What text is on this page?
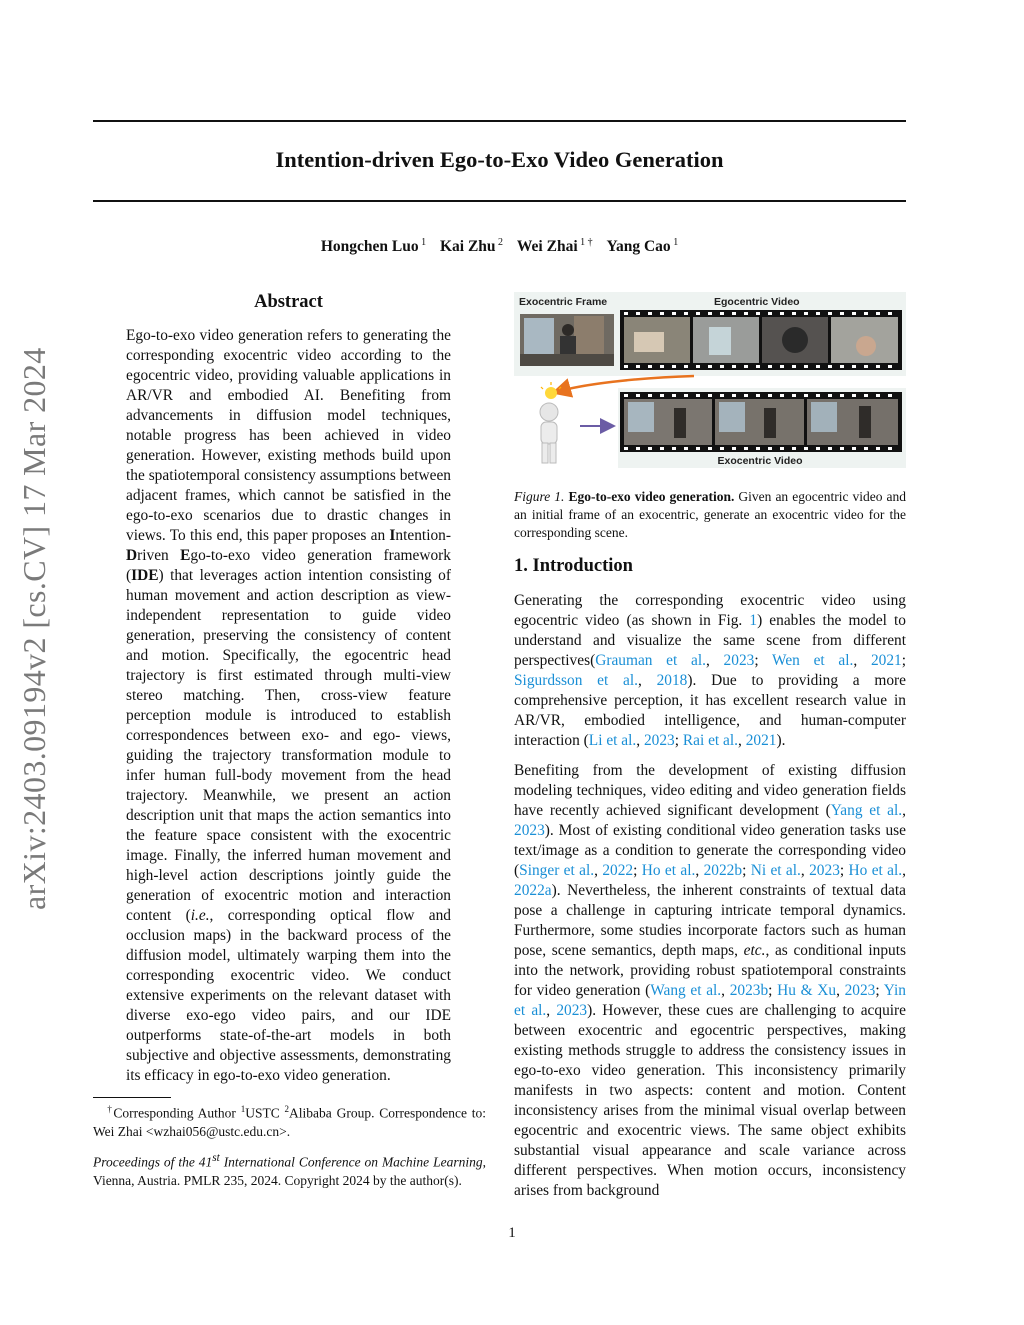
Intention-driven Ego-to-Exo Video Generation
Hongchen Luo $^1$ Kai Zhu $^2$ Wei Zhai $^{1 \dagger}$ Yang Cao $^1$
arXiv:2403.09194v2 [cs.CV] 17 Mar 2024
Abstract
Ego-to-exo video generation refers to generating the corresponding exocentric video according to the egocentric video, providing valuable applications in AR/VR and embodied AI. Benefiting from advancements in diffusion model techniques, notable progress has been achieved in video generation. However, existing methods build upon the spatiotemporal consistency assumptions between adjacent frames, which cannot be satisfied in the ego-to-exo scenarios due to drastic changes in views. To this end, this paper proposes an Intention-Driven Ego-to-exo video generation framework (IDE) that leverages action intention consisting of human movement and action description as view-independent representation to guide video generation, preserving the consistency of content and motion. Specifically, the egocentric head trajectory is first estimated through multi-view stereo matching. Then, cross-view feature perception module is introduced to establish correspondences between exo- and ego- views, guiding the trajectory transformation module to infer human full-body movement from the head trajectory. Meanwhile, we present an action description unit that maps the action semantics into the feature space consistent with the exocentric image. Finally, the inferred human movement and high-level action descriptions jointly guide the generation of exocentric motion and interaction content (i.e., corresponding optical flow and occlusion maps) in the backward process of the diffusion model, ultimately warping them into the corresponding exocentric video. We conduct extensive experiments on the relevant dataset with diverse exo-ego video pairs, and our IDE outperforms state-of-the-art models in both subjective and objective assessments, demonstrating its efficacy in ego-to-exo video generation.
†Corresponding Author $^1$USTC $^2$Alibaba Group. Correspondence to: Wei Zhai <wzhai056@ustc.edu.cn>.
Proceedings of the 41st International Conference on Machine Learning, Vienna, Austria. PMLR 235, 2024. Copyright 2024 by the author(s).
Exocentric Frame	Egocentric Video
Exocentric Video
Figure 1. Ego-to-exo video generation. Given an egocentric video and an initial frame of an exocentric, generate an exocentric video for the corresponding scene.
1. Introduction
Generating the corresponding exocentric video using egocentric video (as shown in Fig. 1) enables the model to understand and visualize the same scene from different perspectives(Grauman et al., 2023; Wen et al., 2021; Sigurdsson et al., 2018). Due to providing a more comprehensive perception, it has excellent research value in AR/VR, embodied intelligence, and human-computer interaction (Li et al., 2023; Rai et al., 2021).
Benefiting from the development of existing diffusion modeling techniques, video editing and video generation fields have recently achieved significant development (Yang et al., 2023). Most of existing conditional video generation tasks use text/image as a condition to generate the corresponding video (Singer et al., 2022; Ho et al., 2022b; Ni et al., 2023; Ho et al., 2022a). Nevertheless, the inherent constraints of textual data pose a challenge in capturing intricate temporal dynamics. Furthermore, some studies incorporate factors such as human pose, scene semantics, depth maps, etc., as conditional inputs into the network, providing robust spatiotemporal constraints for video generation (Wang et al., 2023b; Hu & Xu, 2023; Yin et al., 2023). However, these cues are challenging to acquire between exocentric and egocentric perspectives, making existing methods struggle to address the consistency issues in ego-to-exo video generation. This inconsistency primarily manifests in two aspects: content and motion. Content inconsistency arises from the minimal visual overlap between egocentric and exocentric views. The same object exhibits substantial visual appearance and scale variance across different perspectives. When motion occurs, inconsistency arises from background
1
